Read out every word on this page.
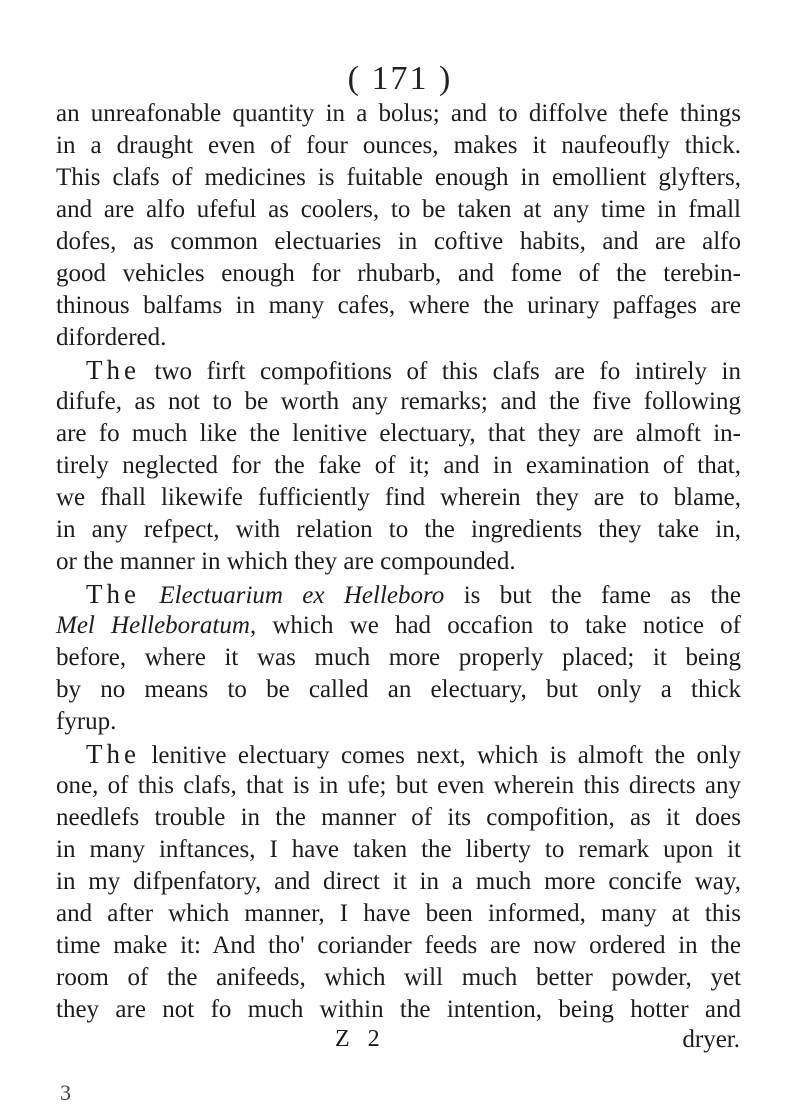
( 171 )
an unreafonable quantity in a bolus; and to diffolve thefe things
in a draught even of four ounces, makes it naufeoufly thick.
This clafs of medicines is fuitable enough in emollient glyfters,
and are alfo ufeful as coolers, to be taken at any time in fmall
dofes, as common electuaries in coftive habits, and are alfo
good vehicles enough for rhubarb, and fome of the terebin-
thinous balfams in many cafes, where the urinary paffages are
difordered.
The two firft compofitions of this clafs are fo intirely in
difufe, as not to be worth any remarks; and the five following
are fo much like the lenitive electuary, that they are almoft in-
tirely neglected for the fake of it; and in examination of that,
we fhall likewife fufficiently find wherein they are to blame,
in any refpect, with relation to the ingredients they take in,
or the manner in which they are compounded.
The Electuarium ex Helleboro is but the fame as the
Mel Helleboratum, which we had occafion to take notice of
before, where it was much more properly placed; it being
by no means to be called an electuary, but only a thick
fyrup.
The lenitive electuary comes next, which is almoft the only
one, of this clafs, that is in ufe; but even wherein this directs any
needlefs trouble in the manner of its compofition, as it does
in many inftances, I have taken the liberty to remark upon it
in my difpenfatory, and direct it in a much more concife way,
and after which manner, I have been informed, many at this
time make it: And tho' coriander feeds are now ordered in the
room of the anifeeds, which will much better powder, yet
they are not fo much within the intention, being hotter and
Z 2	dryer.
3
